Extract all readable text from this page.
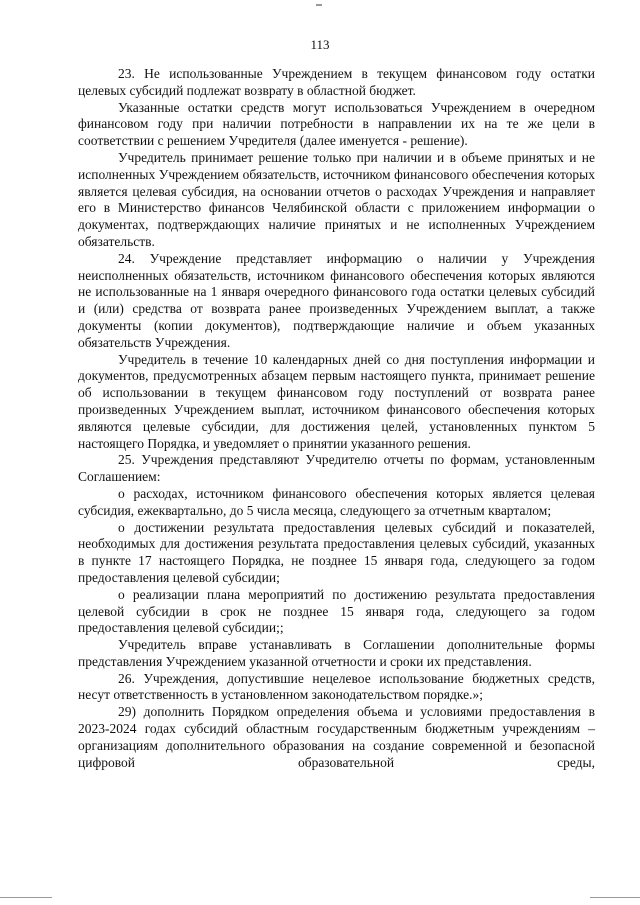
113

23. Не использованные Учреждением в текущем финансовом году остатки целевых субсидий подлежат возврату в областной бюджет.

Указанные остатки средств могут использоваться Учреждением в очередном финансовом году при наличии потребности в направлении их на те же цели в соответствии с решением Учредителя (далее именуется - решение).

Учредитель принимает решение только при наличии и в объеме принятых и не исполненных Учреждением обязательств, источником финансового обеспечения которых является целевая субсидия, на основании отчетов о расходах Учреждения и направляет его в Министерство финансов Челябинской области с приложением информации о документах, подтверждающих наличие принятых и не исполненных Учреждением обязательств.

24. Учреждение представляет информацию о наличии у Учреждения неисполненных обязательств, источником финансового обеспечения которых являются не использованные на 1 января очередного финансового года остатки целевых субсидий и (или) средства от возврата ранее произведенных Учреждением выплат, а также документы (копии документов), подтверждающие наличие и объем указанных обязательств Учреждения.

Учредитель в течение 10 календарных дней со дня поступления информации и документов, предусмотренных абзацем первым настоящего пункта, принимает решение об использовании в текущем финансовом году поступлений от возврата ранее произведенных Учреждением выплат, источником финансового обеспечения которых являются целевые субсидии, для достижения целей, установленных пунктом 5 настоящего Порядка, и уведомляет о принятии указанного решения.

25. Учреждения представляют Учредителю отчеты по формам, установленным Соглашением:

о расходах, источником финансового обеспечения которых является целевая субсидия, ежеквартально, до 5 числа месяца, следующего за отчетным кварталом;

о достижении результата предоставления целевых субсидий и показателей, необходимых для достижения результата предоставления целевых субсидий, указанных в пункте 17 настоящего Порядка, не позднее 15 января года, следующего за годом предоставления целевой субсидии;

о реализации плана мероприятий по достижению результата предоставления целевой субсидии в срок не позднее 15 января года, следующего за годом предоставления целевой субсидии;;

Учредитель вправе устанавливать в Соглашении дополнительные формы представления Учреждением указанной отчетности и сроки их представления.

26. Учреждения, допустившие нецелевое использование бюджетных средств, несут ответственность в установленном законодательством порядке.»;

29) дополнить Порядком определения объема и условиями предоставления в 2023-2024 годах субсидий областным государственным бюджетным учреждениям – организациям дополнительного образования на создание современной и безопасной цифровой образовательной среды,
